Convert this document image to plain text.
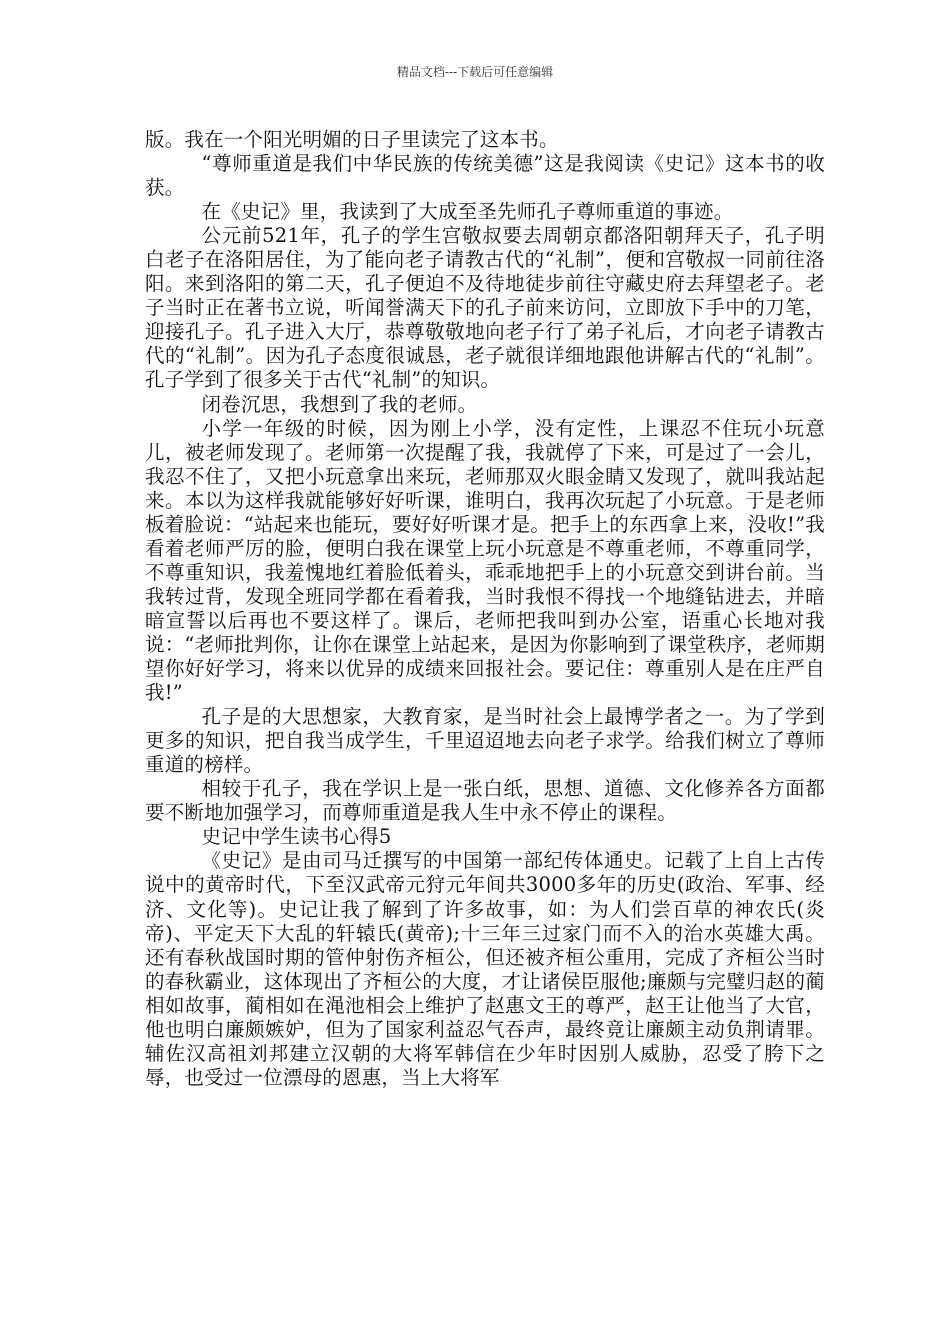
精品文档---下载后可任意编辑

版。我在一个阳光明媚的日子里读完了这本书。

“尊师重道是我们中华民族的传统美德”这是我阅读《史记》这本书的收获。

在《史记》里，我读到了大成至圣先师孔子尊师重道的事迹。

公元前521年，孔子的学生宫敬叔要去周朝京都洛阳朝拜天子，孔子明白老子在洛阳居住，为了能向老子请教古代的“礼制”，便和宫敬叔一同前往洛阳。来到洛阳的第二天，孔子便迫不及待地徒步前往守藏史府去拜望老子。老子当时正在著书立说，听闻誉满天下的孔子前来访问，立即放下手中的刀笔，迎接孔子。孔子进入大厅，恭尊敬敬地向老子行了弟子礼后，才向老子请教古代的“礼制”。因为孔子态度很诚恳，老子就很详细地跟他讲解古代的“礼制”。孔子学到了很多关于古代“礼制”的知识。

闭卷沉思，我想到了我的老师。

小学一年级的时候，因为刚上小学，没有定性，上课忍不住玩小玩意儿，被老师发现了。老师第一次提醒了我，我就停了下来，可是过了一会儿，我忍不住了，又把小玩意拿出来玩，老师那双火眼金睛又发现了，就叫我站起来。本以为这样我就能够好好听课，谁明白，我再次玩起了小玩意。于是老师板着脸说：“站起来也能玩，要好好听课才是。把手上的东西拿上来，没收!”我看着老师严厉的脸，便明白我在课堂上玩小玩意是不尊重老师，不尊重同学，不尊重知识，我羞愧地红着脸低着头，乖乖地把手上的小玩意交到讲台前。当我转过背，发现全班同学都在看着我，当时我恨不得找一个地缝钻进去，并暗暗宣誓以后再也不要这样了。课后，老师把我叫到办公室，语重心长地对我说：“老师批判你，让你在课堂上站起来，是因为你影响到了课堂秩序，老师期望你好好学习，将来以优异的成绩来回报社会。要记住：尊重别人是在庄严自我!”

孔子是的大思想家，大教育家，是当时社会上最博学者之一。为了学到更多的知识，把自我当成学生，千里迢迢地去向老子求学。给我们树立了尊师重道的榜样。

相较于孔子，我在学识上是一张白纸，思想、道德、文化修养各方面都要不断地加强学习，而尊师重道是我人生中永不停止的课程。

史记中学生读书心得5

《史记》是由司马迁撰写的中国第一部纪传体通史。记载了上自上古传说中的黄帝时代，下至汉武帝元狩元年间共3000多年的历史(政治、军事、经济、文化等)。史记让我了解到了许多故事，如：为人们尝百草的神农氏(炎帝)、平定天下大乱的轩辕氏(黄帝);十三年三过家门而不入的治水英雄大禹。还有春秋战国时期的管仲射伤齐桓公，但还被齐桓公重用，完成了齐桓公当时的春秋霸业，这体现出了齐桓公的大度，才让诸侯臣服他;廉颇与完璧归赵的蔺相如故事，蔺相如在渑池相会上维护了赵惠文王的尊严，赵王让他当了大官，他也明白廉颇嫉妒，但为了国家利益忍气吞声，最终竟让廉颇主动负荆请罪。辅佐汉高祖刘邦建立汉朝的大将军韩信在少年时因别人威胁，忍受了胯下之辱，也受过一位漂母的恩惠，当上大将军
